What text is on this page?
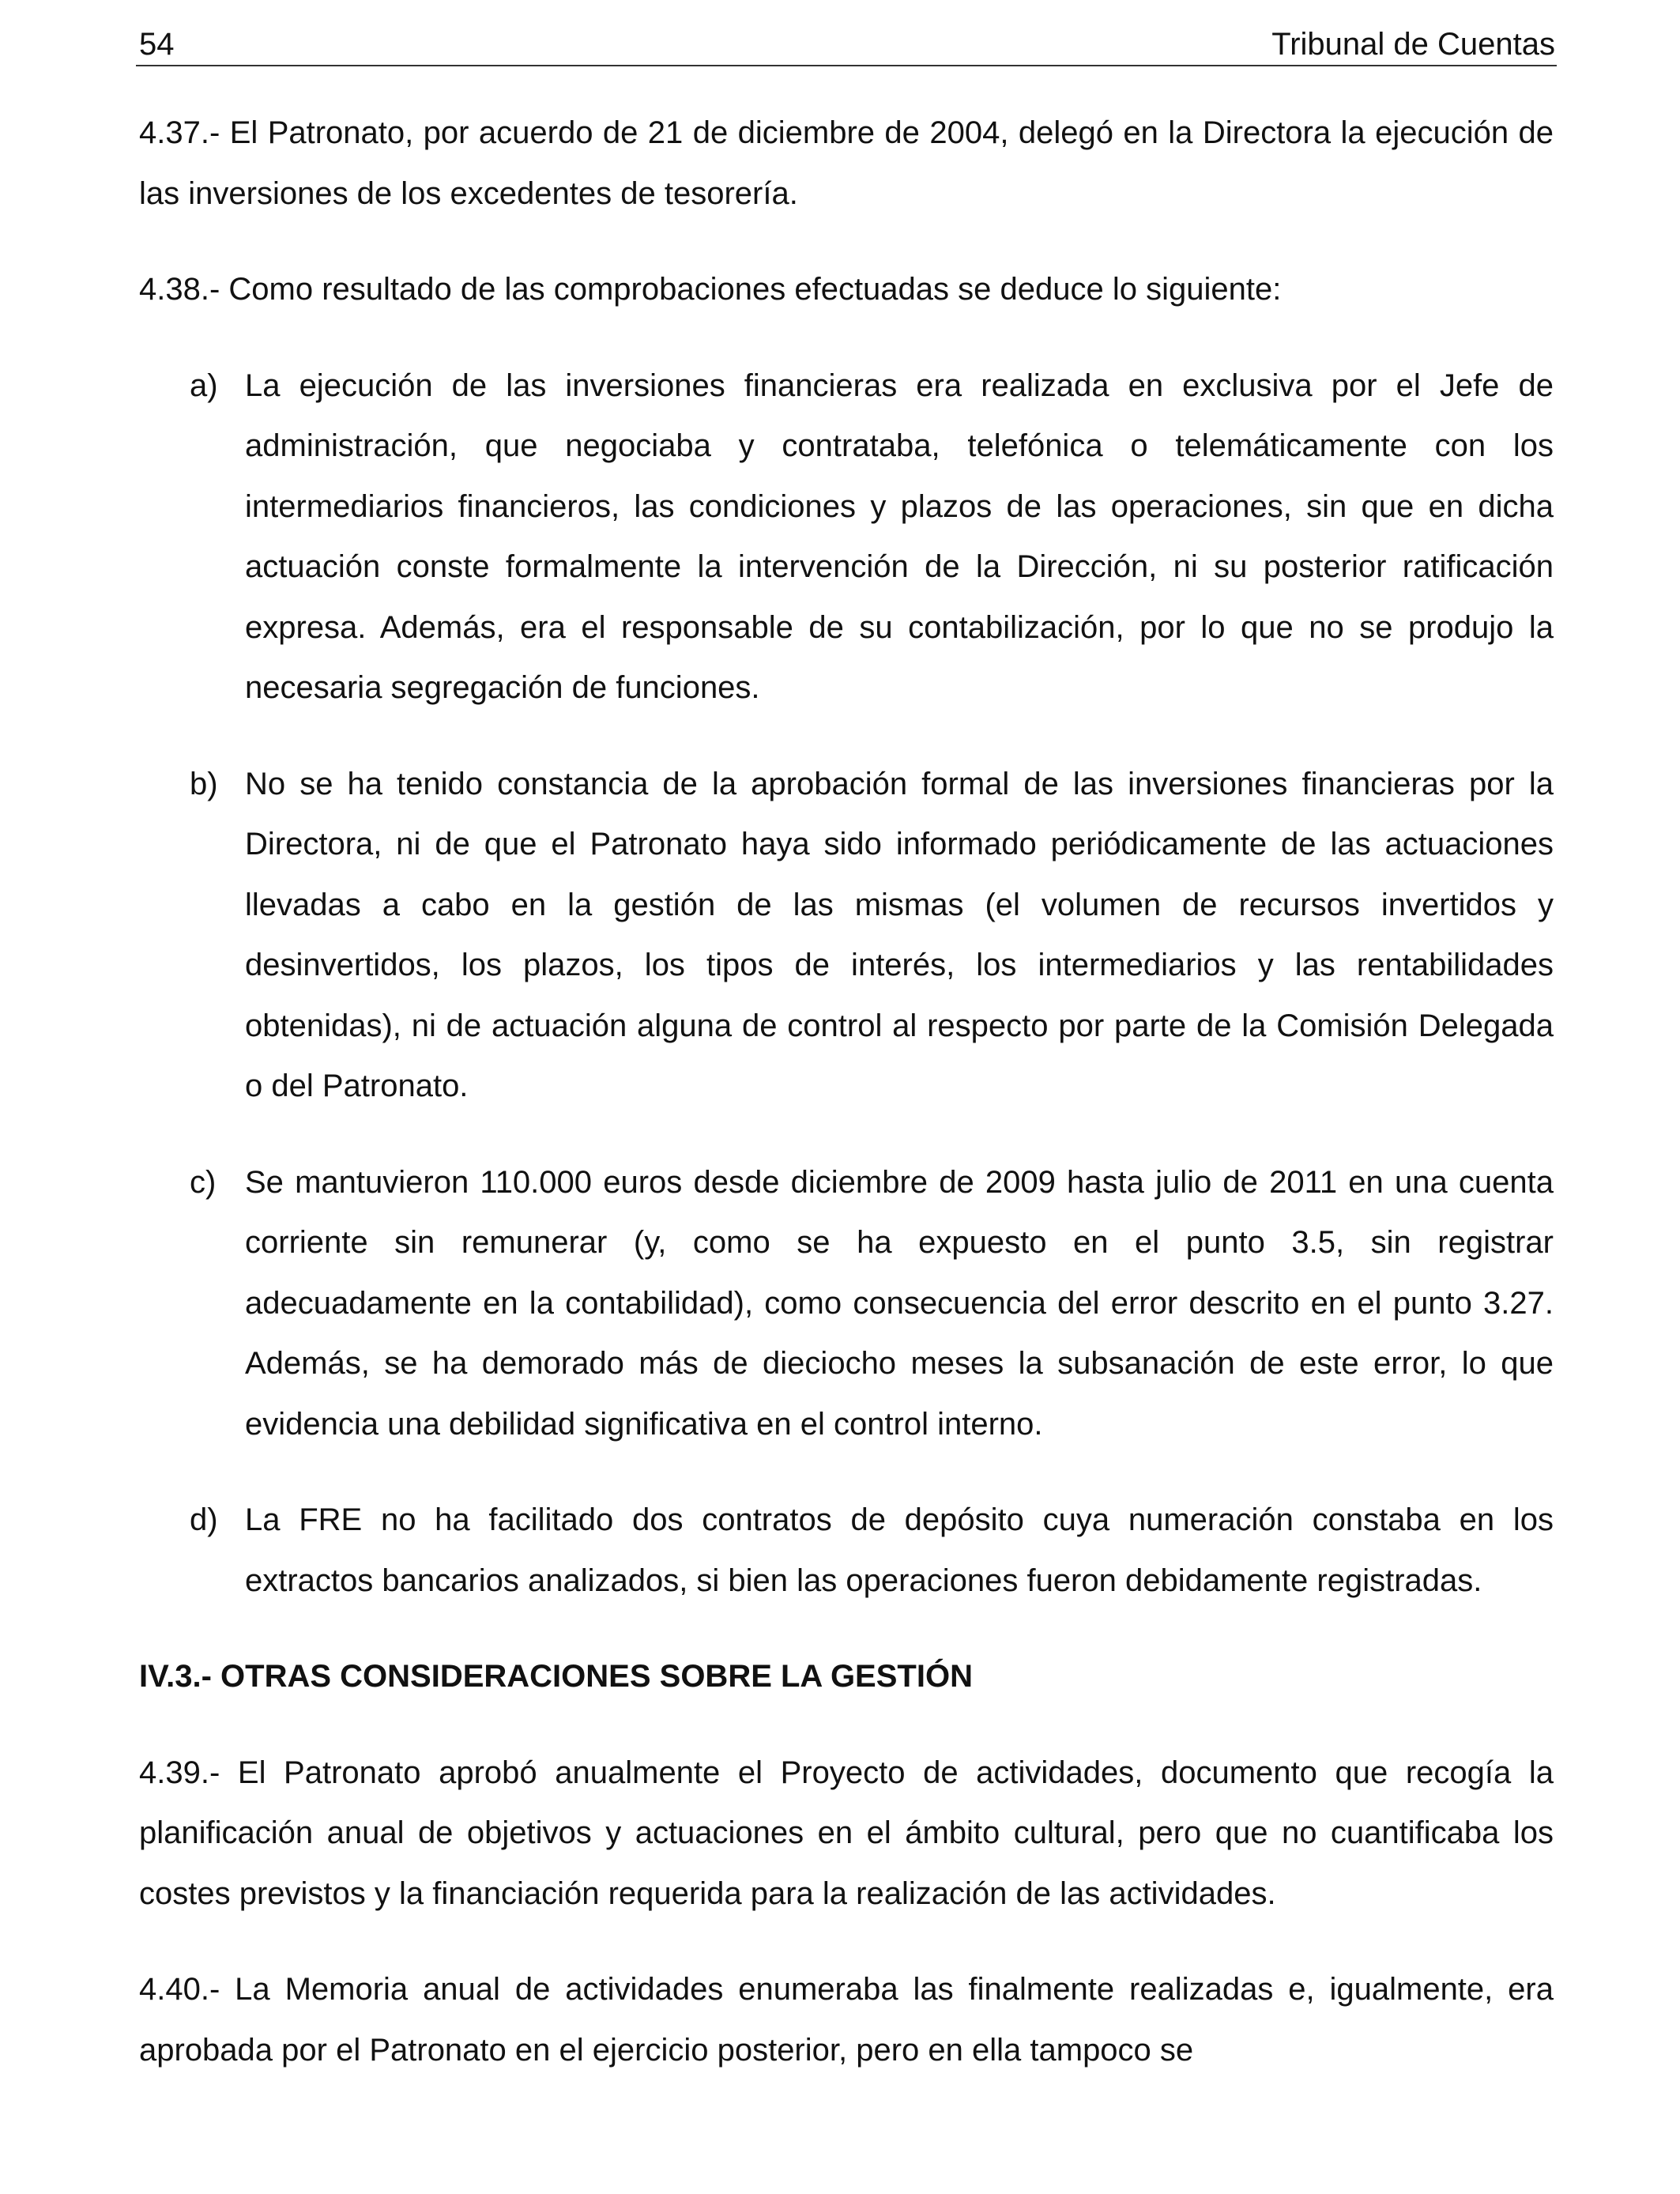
54	Tribunal de Cuentas

4.37.- El Patronato, por acuerdo de 21 de diciembre de 2004, delegó en la Directora la ejecución de las inversiones de los excedentes de tesorería.

4.38.- Como resultado de las comprobaciones efectuadas se deduce lo siguiente:

a) La ejecución de las inversiones financieras era realizada en exclusiva por el Jefe de administración, que negociaba y contrataba, telefónica o telemáticamente con los intermediarios financieros, las condiciones y plazos de las operaciones, sin que en dicha actuación conste formalmente la intervención de la Dirección, ni su posterior ratificación expresa. Además, era el responsable de su contabilización, por lo que no se produjo la necesaria segregación de funciones.
b) No se ha tenido constancia de la aprobación formal de las inversiones financieras por la Directora, ni de que el Patronato haya sido informado periódicamente de las actuaciones llevadas a cabo en la gestión de las mismas (el volumen de recursos invertidos y desinvertidos, los plazos, los tipos de interés, los intermediarios y las rentabilidades obtenidas), ni de actuación alguna de control al respecto por parte de la Comisión Delegada o del Patronato.
c) Se mantuvieron 110.000 euros desde diciembre de 2009 hasta julio de 2011 en una cuenta corriente sin remunerar (y, como se ha expuesto en el punto 3.5, sin registrar adecuadamente en la contabilidad), como consecuencia del error descrito en el punto 3.27. Además, se ha demorado más de dieciocho meses la subsanación de este error, lo que evidencia una debilidad significativa en el control interno.
d) La FRE no ha facilitado dos contratos de depósito cuya numeración constaba en los extractos bancarios analizados, si bien las operaciones fueron debidamente registradas.

IV.3.- OTRAS CONSIDERACIONES SOBRE LA GESTIÓN

4.39.- El Patronato aprobó anualmente el Proyecto de actividades, documento que recogía la planificación anual de objetivos y actuaciones en el ámbito cultural, pero que no cuantificaba los costes previstos y la financiación requerida para la realización de las actividades.

4.40.- La Memoria anual de actividades enumeraba las finalmente realizadas e, igualmente, era aprobada por el Patronato en el ejercicio posterior, pero en ella tampoco se
